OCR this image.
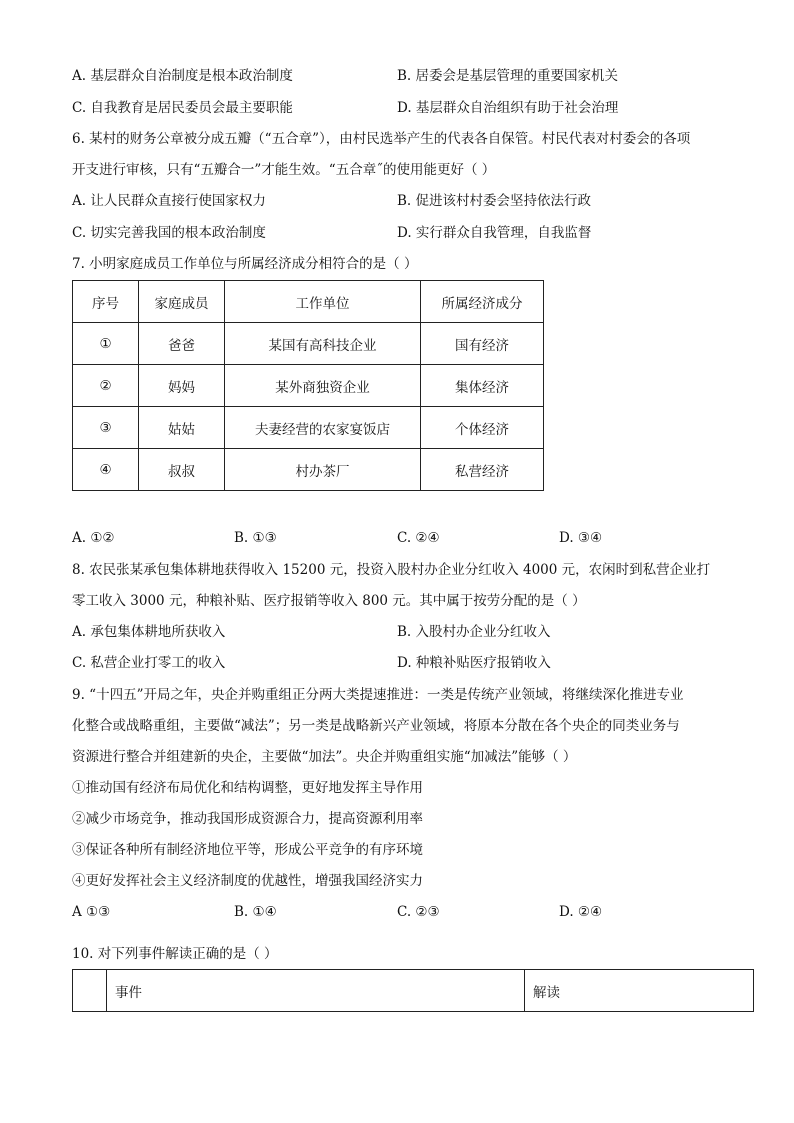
A. 基层群众自治制度是根本政治制度	B. 居委会是基层管理的重要国家机关
C. 自我教育是居民委员会最主要职能	D. 基层群众自治组织有助于社会治理
6. 某村的财务公章被分成五瓣（“五合章”），由村民选举产生的代表各自保管。村民代表对村委会的各项
开支进行审核，只有“五瓣合一”才能生效。“五合章˝的使用能更好（ ）
A. 让人民群众直接行使国家权力	B. 促进该村村委会坚持依法行政
C. 切实完善我国的根本政治制度	D. 实行群众自我管理，自我监督
7. 小明家庭成员工作单位与所属经济成分相符合的是（ ）
序号	家庭成员	工作单位	所属经济成分
①	爸爸	某国有高科技企业	国有经济
②	妈妈	某外商独资企业	集体经济
③	姑姑	夫妻经营的农家宴饭店	个体经济
④	叔叔	村办茶厂	私营经济
A. ①②	B. ①③	C. ②④	D. ③④
8. 农民张某承包集体耕地获得收入 15200 元，投资入股村办企业分红收入 4000 元，农闲时到私营企业打
零工收入 3000 元，种粮补贴、医疗报销等收入 800 元。其中属于按劳分配的是（ ）
A. 承包集体耕地所获收入	B. 入股村办企业分红收入
C. 私营企业打零工的收入	D. 种粮补贴医疗报销收入
9. “十四五”开局之年，央企并购重组正分两大类提速推进：一类是传统产业领域，将继续深化推进专业
化整合或战略重组，主要做“减法”；另一类是战略新兴产业领域，将原本分散在各个央企的同类业务与
资源进行整合并组建新的央企，主要做“加法”。央企并购重组实施“加减法”能够（ ）
①推动国有经济布局优化和结构调整，更好地发挥主导作用
②减少市场竞争，推动我国形成资源合力，提高资源利用率
③保证各种所有制经济地位平等，形成公平竞争的有序环境
④更好发挥社会主义经济制度的优越性，增强我国经济实力
A ①③	B. ①④	C. ②③	D. ②④
10. 对下列事件解读正确的是（ ）
	事件	解读
